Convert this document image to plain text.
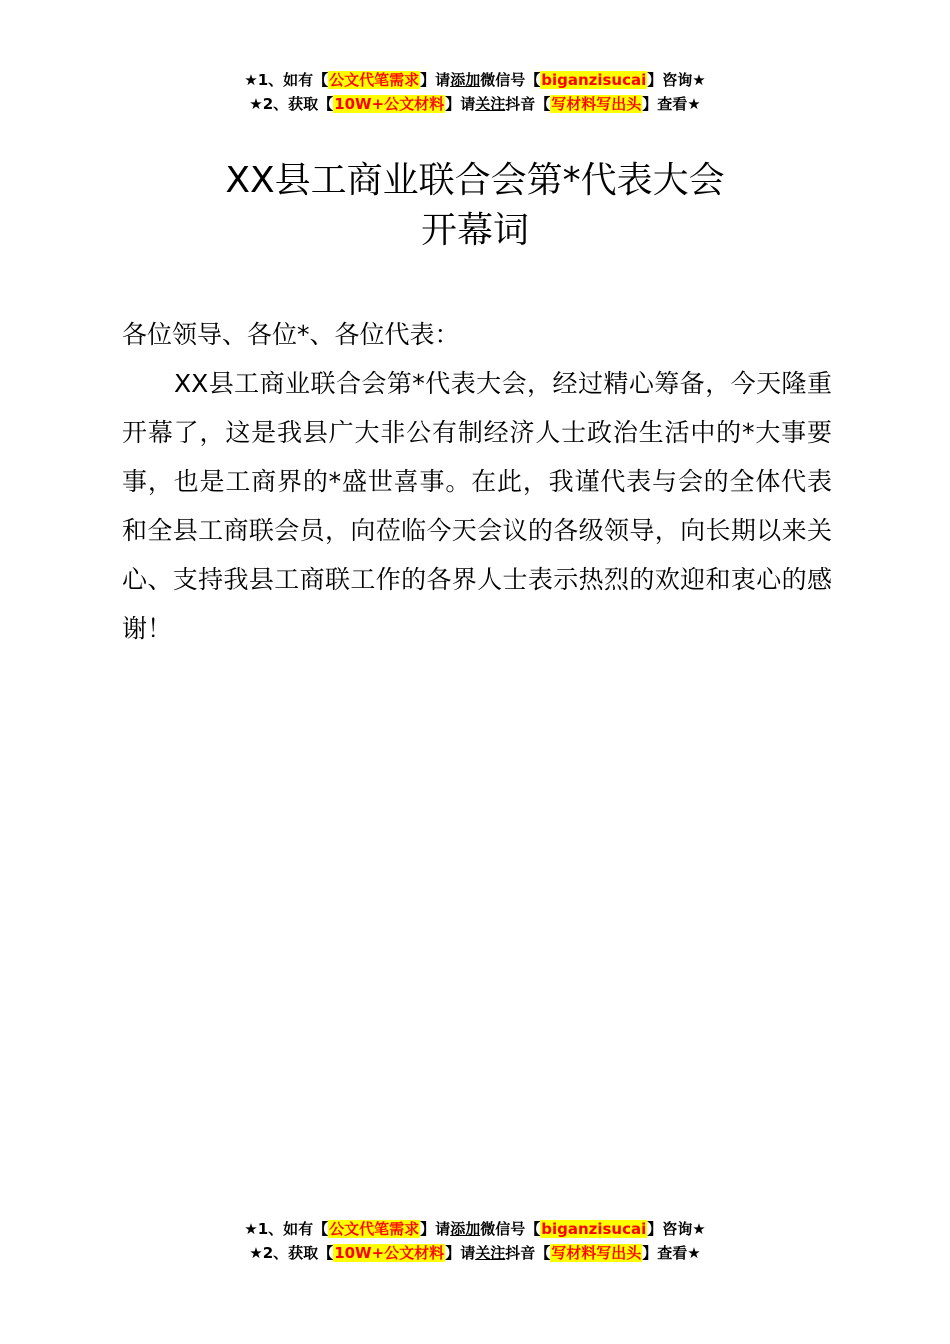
★1、如有【公文代笔需求】请添加微信号【biganzisucai】咨询★
★2、获取【10W+公文材料】请关注抖音【写材料写出头】查看★
XX县工商业联合会第*代表大会
开幕词

各位领导、各位*、各位代表：

XX县工商业联合会第*代表大会，经过精心筹备，今天隆重开幕了，这是我县广大非公有制经济人士政治生活中的*大事要事，也是工商界的*盛世喜事。在此，我谨代表与会的全体代表和全县工商联会员，向莅临今天会议的各级领导，向长期以来关心、支持我县工商联工作的各界人士表示热烈的欢迎和衷心的感谢！

★1、如有【公文代笔需求】请添加微信号【biganzisucai】咨询★
★2、获取【10W+公文材料】请关注抖音【写材料写出头】查看★
